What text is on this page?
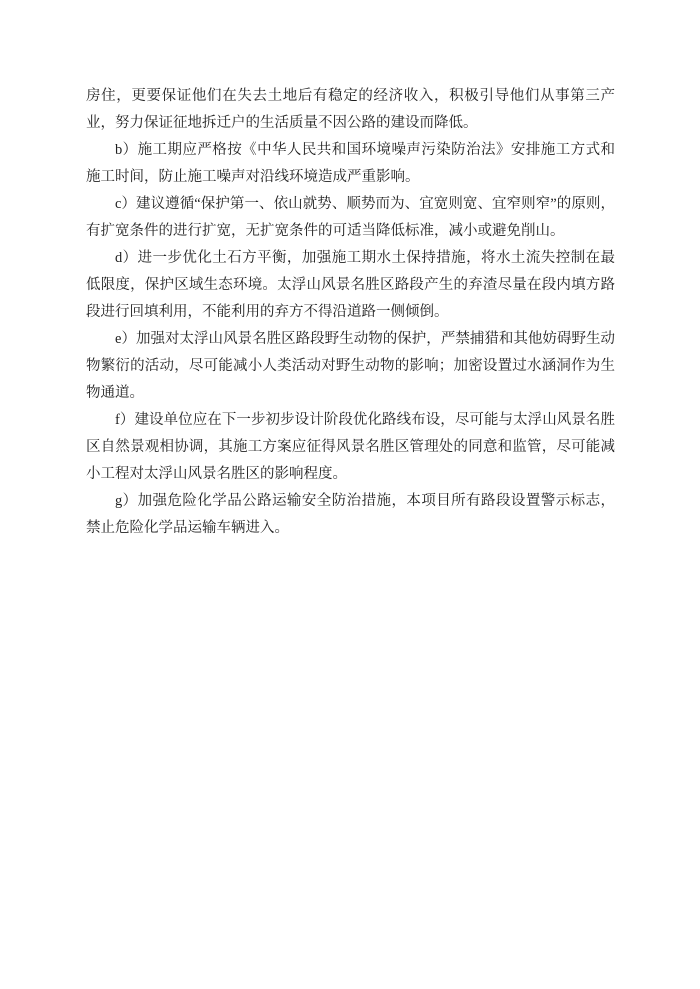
房住，更要保证他们在失去土地后有稳定的经济收入，积极引导他们从事第三产业，努力保证征地拆迁户的生活质量不因公路的建设而降低。

b）施工期应严格按《中华人民共和国环境噪声污染防治法》安排施工方式和施工时间，防止施工噪声对沿线环境造成严重影响。

c）建议遵循“保护第一、依山就势、顺势而为、宜宽则宽、宜窄则窄”的原则，有扩宽条件的进行扩宽，无扩宽条件的可适当降低标准，减小或避免削山。

d）进一步优化土石方平衡，加强施工期水土保持措施，将水土流失控制在最低限度，保护区域生态环境。太浮山风景名胜区路段产生的弃渣尽量在段内填方路段进行回填利用，不能利用的弃方不得沿道路一侧倾倒。

e）加强对太浮山风景名胜区路段野生动物的保护，严禁捕猎和其他妨碍野生动物繁衍的活动，尽可能减小人类活动对野生动物的影响；加密设置过水涵洞作为生物通道。

f）建设单位应在下一步初步设计阶段优化路线布设，尽可能与太浮山风景名胜区自然景观相协调，其施工方案应征得风景名胜区管理处的同意和监管，尽可能减小工程对太浮山风景名胜区的影响程度。

g）加强危险化学品公路运输安全防治措施，本项目所有路段设置警示标志，禁止危险化学品运输车辆进入。
